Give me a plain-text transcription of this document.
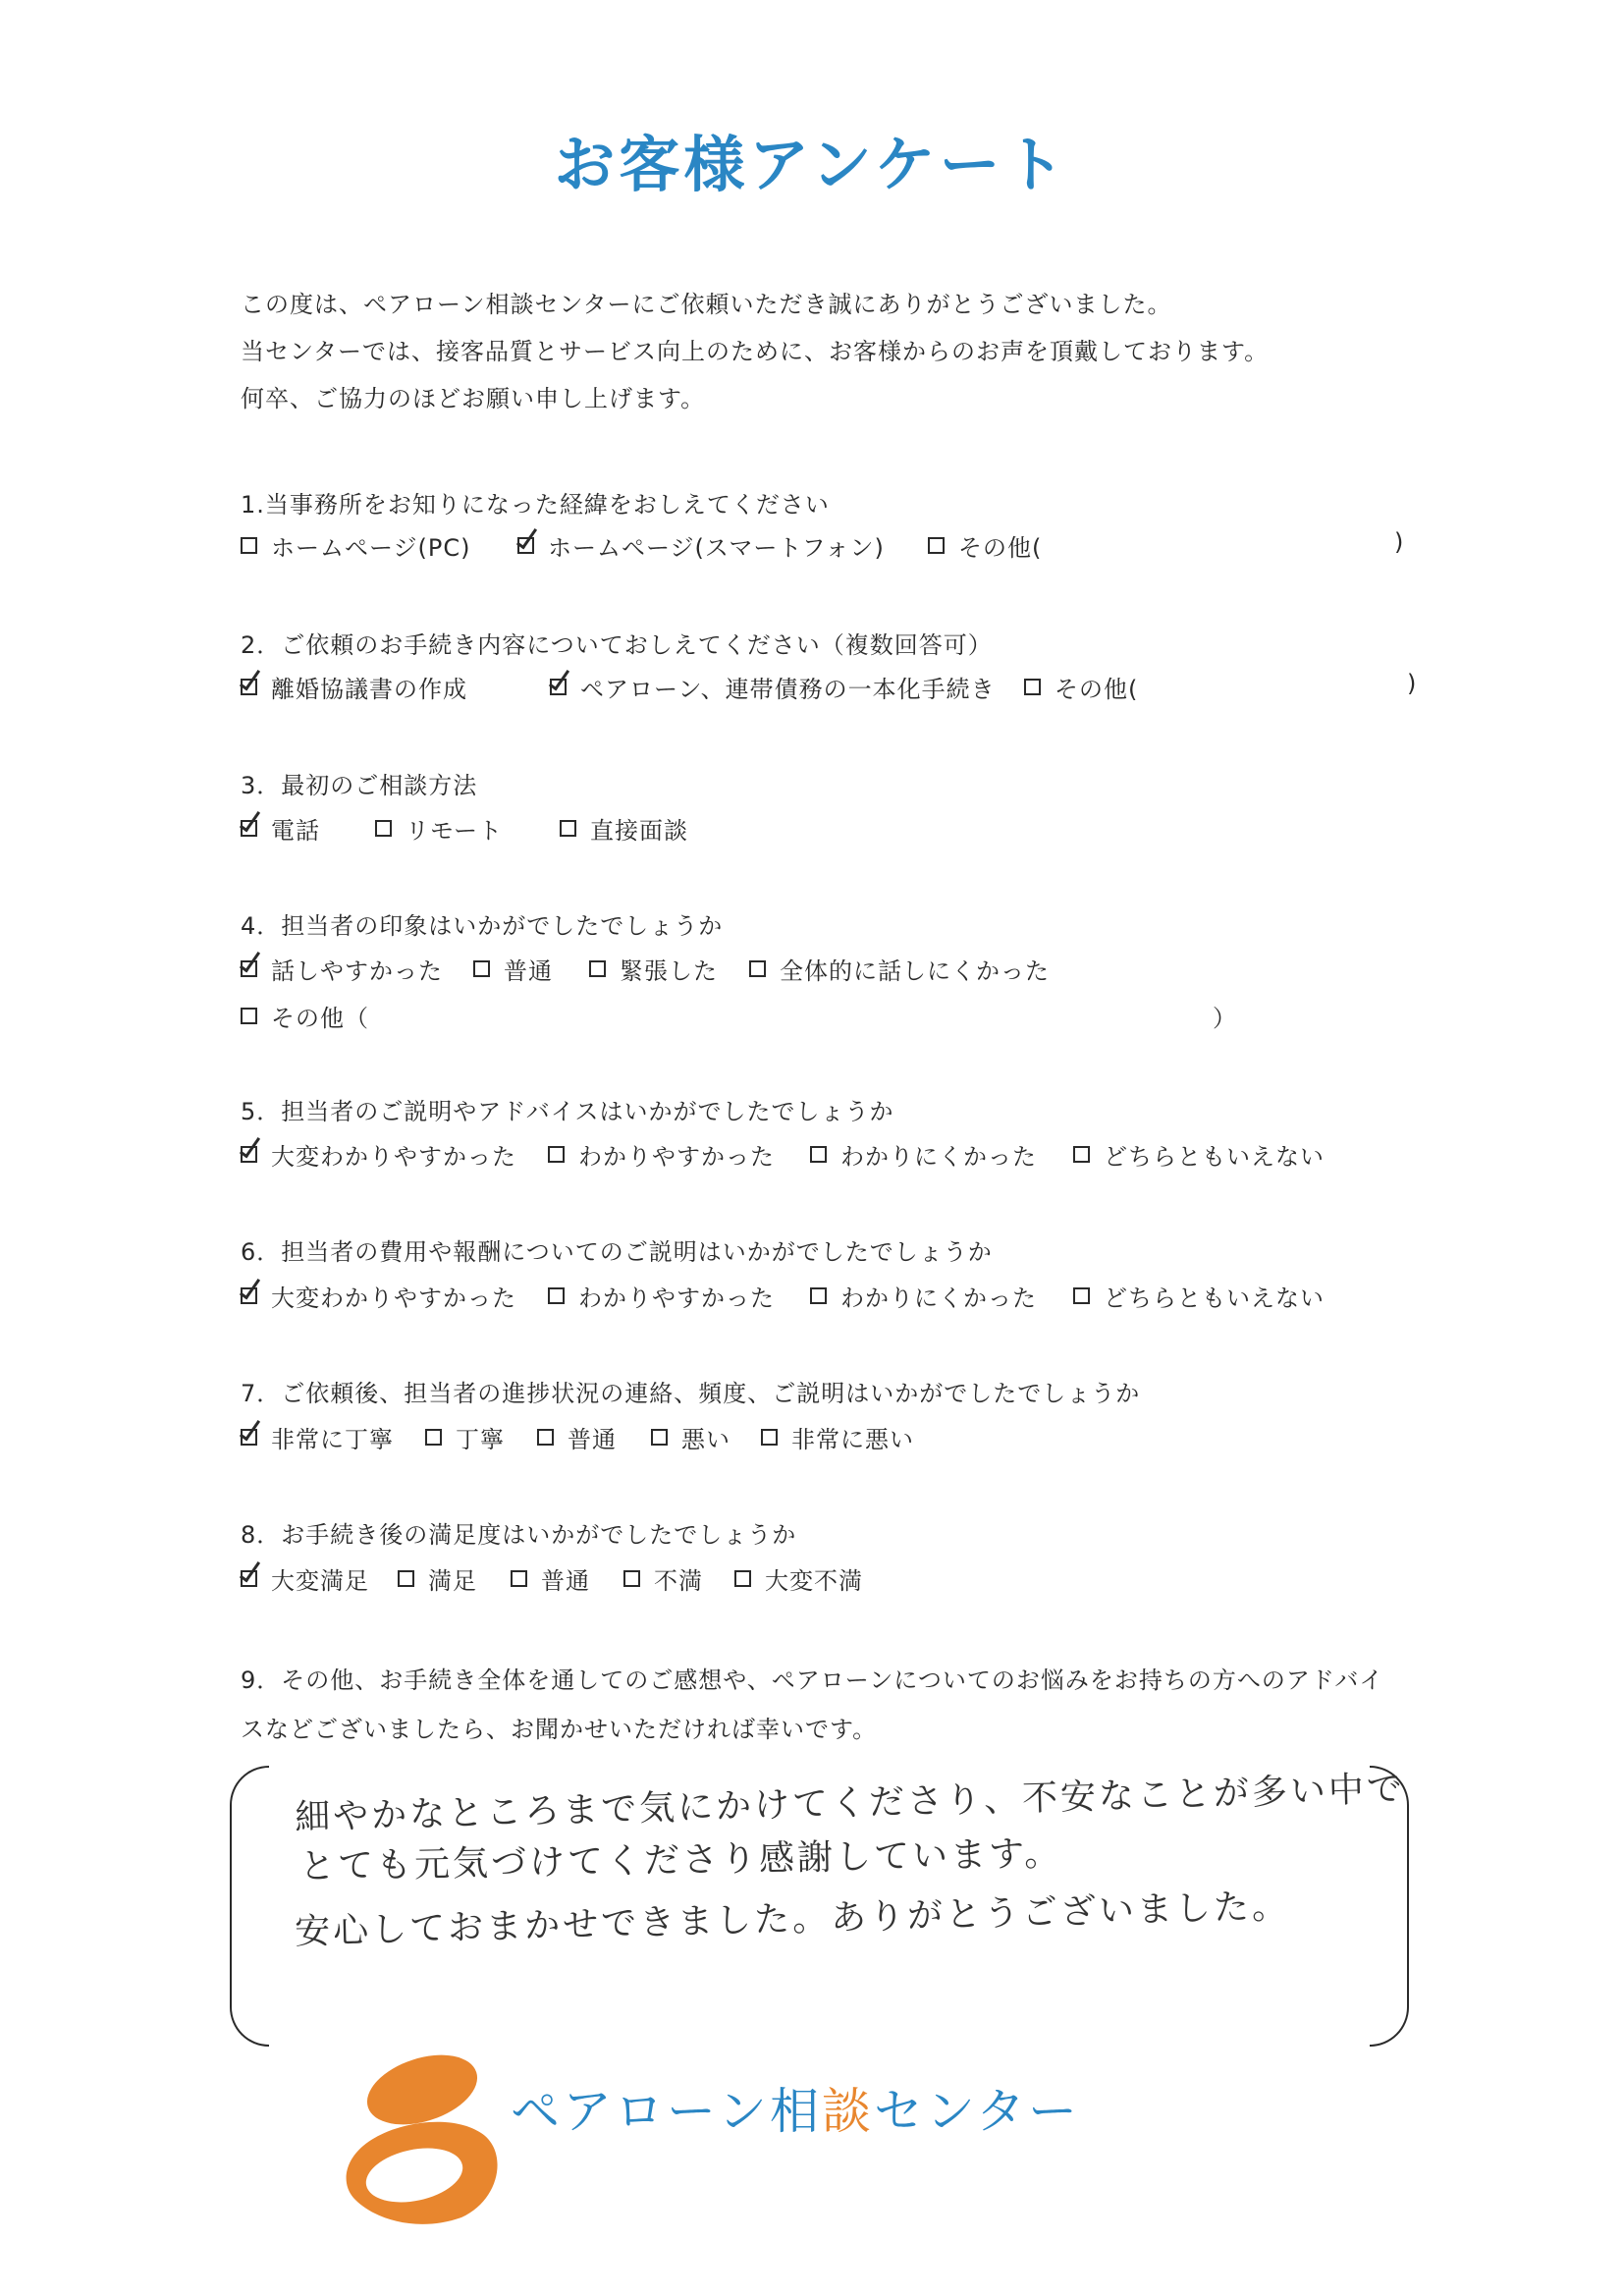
お客様アンケート
この度は、ペアローン相談センターにご依頼いただき誠にありがとうございました。
当センターでは、接客品質とサービス向上のために、お客様からのお声を頂戴しております。
何卒、ご協力のほどお願い申し上げます。
1.当事務所をお知りになった経緯をおしえてください
ホームページ(PC)	ホームページ(スマートフォン)	その他(	)
2．ご依頼のお手続き内容についておしえてください（複数回答可）
離婚協議書の作成	ペアローン、連帯債務の一本化手続き	その他(	)
3．最初のご相談方法
電話	リモート	直接面談
4．担当者の印象はいかがでしたでしょうか
話しやすかった	普通	緊張した	全体的に話しにくかった
その他（	）
5．担当者のご説明やアドバイスはいかがでしたでしょうか
大変わかりやすかった	わかりやすかった	わかりにくかった	どちらともいえない
6．担当者の費用や報酬についてのご説明はいかがでしたでしょうか
大変わかりやすかった	わかりやすかった	わかりにくかった	どちらともいえない
7．ご依頼後、担当者の進捗状況の連絡、頻度、ご説明はいかがでしたでしょうか
非常に丁寧	丁寧	普通	悪い	非常に悪い
8．お手続き後の満足度はいかがでしたでしょうか
大変満足	満足	普通	不満	大変不満
9．その他、お手続き全体を通してのご感想や、ペアローンについてのお悩みをお持ちの方へのアドバイ
スなどございましたら、お聞かせいただければ幸いです。
細やかなところまで気にかけてくださり、不安なことが多い中で
とても元気づけてくださり感謝しています。
安心しておまかせできました。ありがとうございました。
ペアローン相談センター
